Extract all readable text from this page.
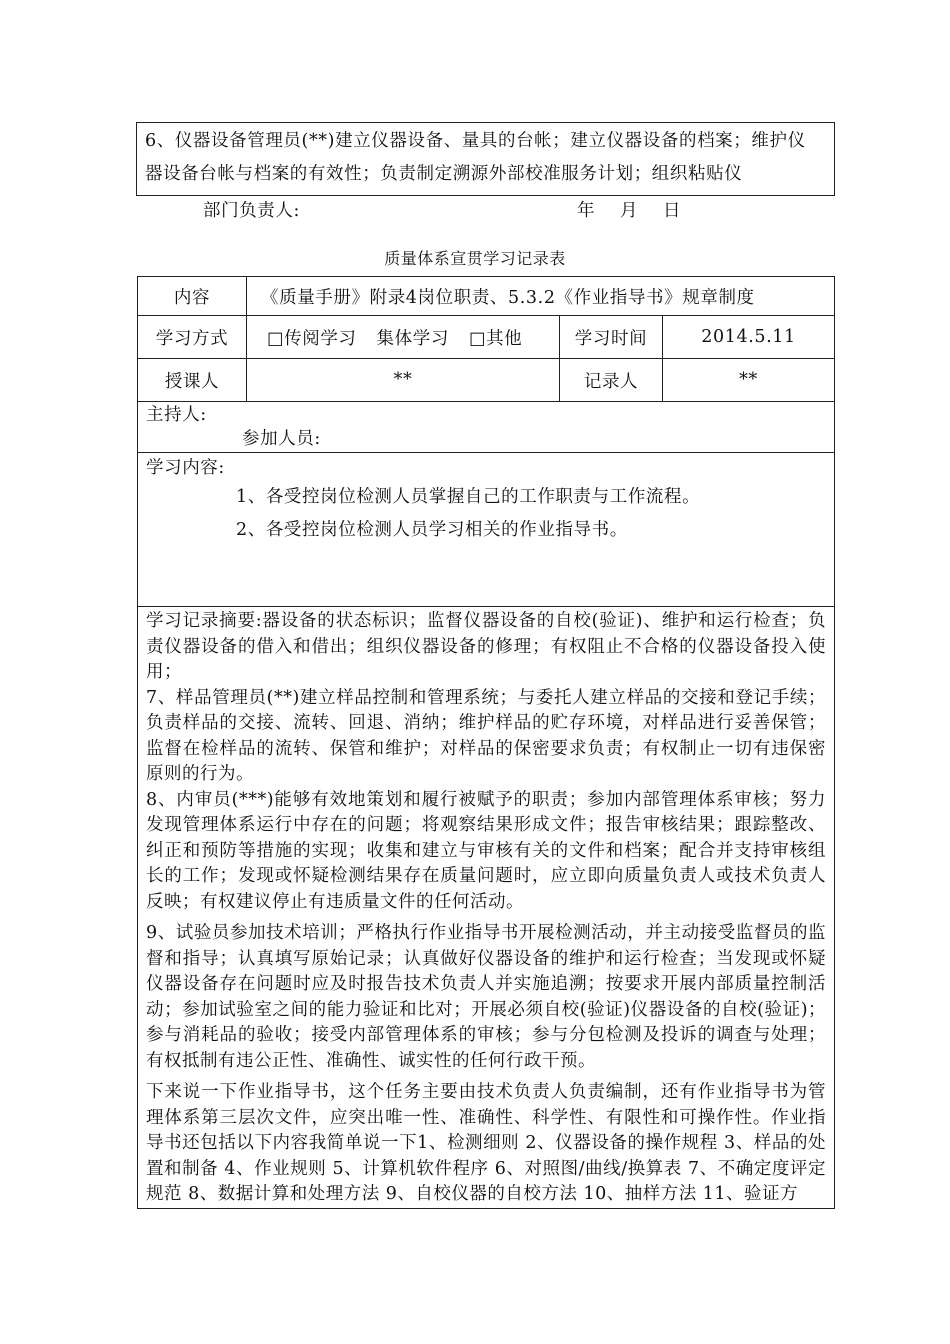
6、仪器设备管理员(**)建立仪器设备、量具的台帐；建立仪器设备的档案；维护仪
器设备台帐与档案的有效性；负责制定溯源外部校准服务计划；组织粘贴仪
部门负责人:	年　月　日
质量体系宣贯学习记录表
内容	《质量手册》附录4岗位职责、5.3.2《作业指导书》规章制度		
学习方式	□传阅学习 集体学习 □其他	学习时间	2014.5.11
授课人	**	记录人	**

主持人:
参加人员:			

学习内容:
1、各受控岗位检测人员掌握自己的工作职责与工作流程。
2、各受控岗位检测人员学习相关的作业指导书。			

学习记录摘要:器设备的状态标识；监督仪器设备的自校(验证)、维护和运行检查；负责仪器设备的借入和借出；组织仪器设备的修理；有权阻止不合格的仪器设备投入使用；

7、样品管理员(**)建立样品控制和管理系统；与委托人建立样品的交接和登记手续；负责样品的交接、流转、回退、消纳；维护样品的贮存环境，对样品进行妥善保管；监督在检样品的流转、保管和维护；对样品的保密要求负责；有权制止一切有违保密原则的行为。

8、内审员(***)能够有效地策划和履行被赋予的职责；参加内部管理体系审核；努力发现管理体系运行中存在的问题；将观察结果形成文件；报告审核结果；跟踪整改、纠正和预防等措施的实现；收集和建立与审核有关的文件和档案；配合并支持审核组长的工作；发现或怀疑检测结果存在质量问题时，应立即向质量负责人或技术负责人反映；有权建议停止有违质量文件的任何活动。

9、试验员参加技术培训；严格执行作业指导书开展检测活动，并主动接受监督员的监督和指导；认真填写原始记录；认真做好仪器设备的维护和运行检查；当发现或怀疑仪器设备存在问题时应及时报告技术负责人并实施追溯；按要求开展内部质量控制活动；参加试验室之间的能力验证和比对；开展必须自校(验证)仪器设备的自校(验证)；参与消耗品的验收；接受内部管理体系的审核；参与分包检测及投诉的调查与处理；有权抵制有违公正性、准确性、诚实性的任何行政干预。

下来说一下作业指导书，这个任务主要由技术负责人负责编制，还有作业指导书为管理体系第三层次文件，应突出唯一性、准确性、科学性、有限性和可操作性。作业指导书还包括以下内容我简单说一下1、检测细则 2、仪器设备的操作规程 3、样品的处置和制备 4、作业规则 5、计算机软件程序 6、对照图/曲线/换算表 7、不确定度评定规范 8、数据计算和处理方法 9、自校仪器的自校方法 10、抽样方法 11、验证方			
